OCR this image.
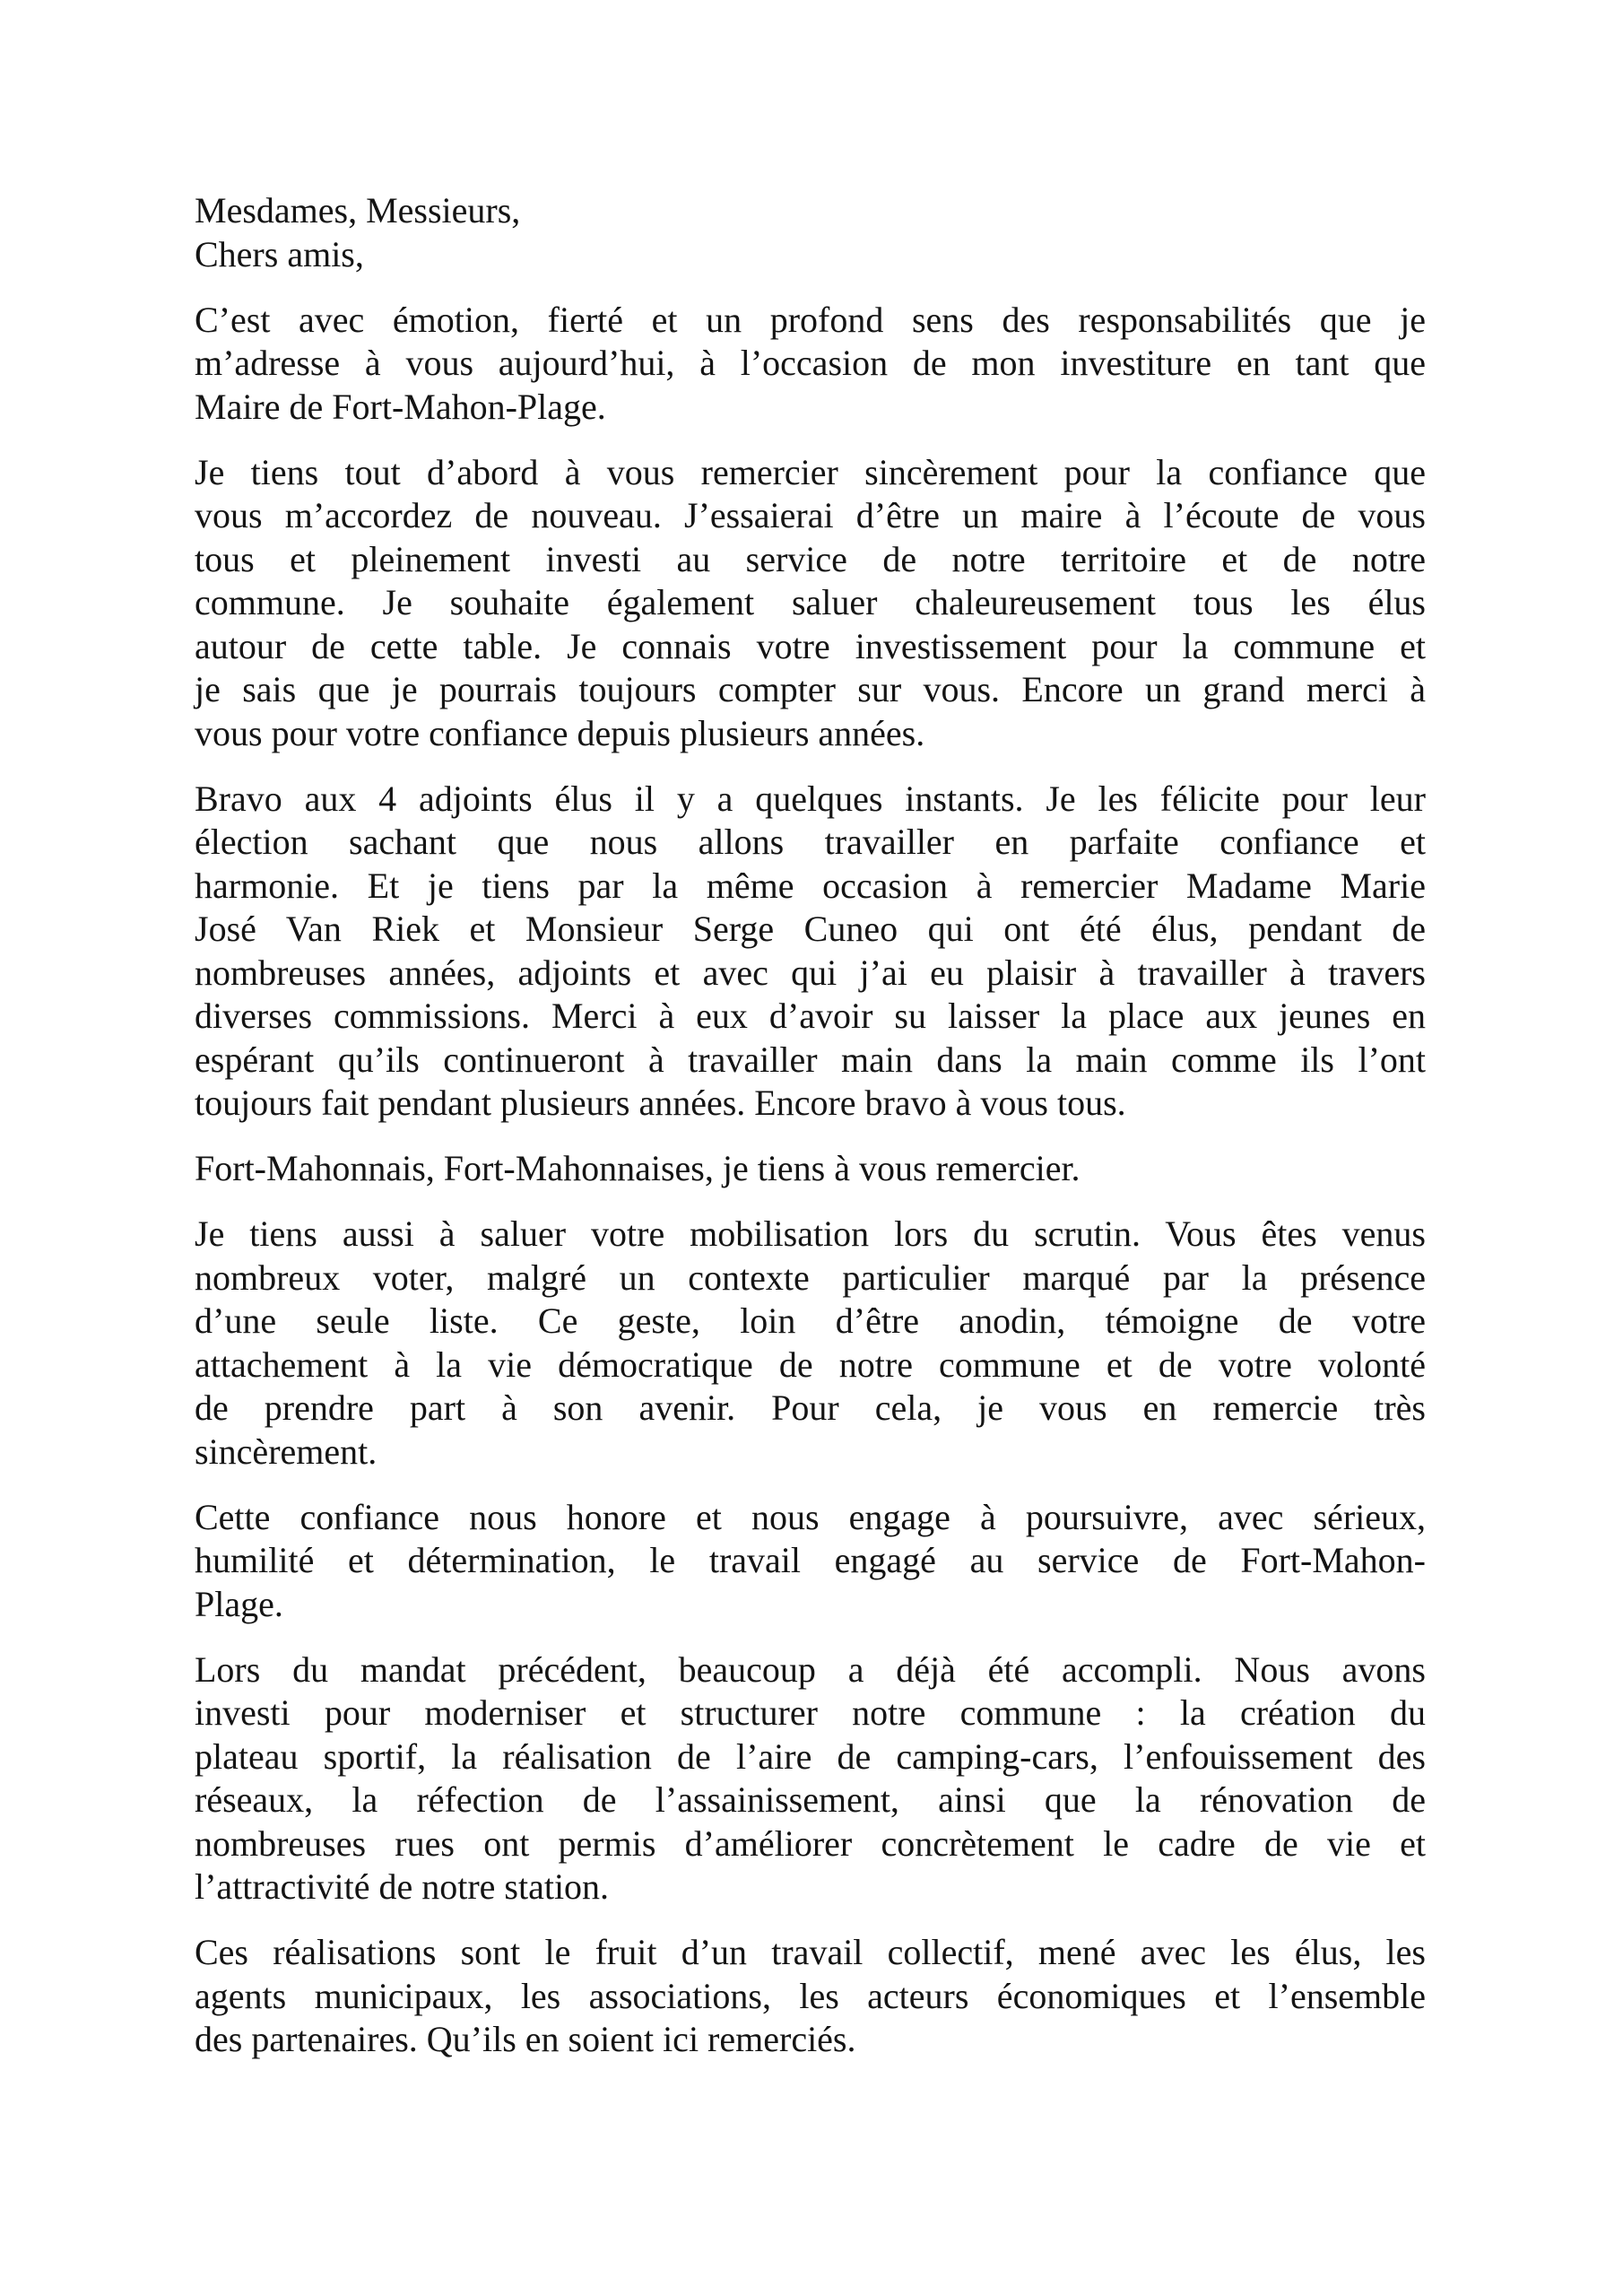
Mesdames, Messieurs,
Chers amis,

C’est avec émotion, fierté et un profond sens des responsabilités que je
m’adresse à vous aujourd’hui, à l’occasion de mon investiture en tant que
Maire de Fort-Mahon-Plage.

Je tiens tout d’abord à vous remercier sincèrement pour la confiance que
vous m’accordez de nouveau. J’essaierai d’être un maire à l’écoute de vous
tous et pleinement investi au service de notre territoire et de notre
commune. Je souhaite également saluer chaleureusement tous les élus
autour de cette table. Je connais votre investissement pour la commune et
je sais que je pourrais toujours compter sur vous. Encore un grand merci à
vous pour votre confiance depuis plusieurs années.

Bravo aux 4 adjoints élus il y a quelques instants. Je les félicite pour leur
élection sachant que nous allons travailler en parfaite confiance et
harmonie. Et je tiens par la même occasion à remercier Madame Marie
José Van Riek et Monsieur Serge Cuneo qui ont été élus, pendant de
nombreuses années, adjoints et avec qui j’ai eu plaisir à travailler à travers
diverses commissions. Merci à eux d’avoir su laisser la place aux jeunes en
espérant qu’ils continueront à travailler main dans la main comme ils l’ont
toujours fait pendant plusieurs années. Encore bravo à vous tous.

Fort-Mahonnais, Fort-Mahonnaises, je tiens à vous remercier.

Je tiens aussi à saluer votre mobilisation lors du scrutin. Vous êtes venus
nombreux voter, malgré un contexte particulier marqué par la présence
d’une seule liste. Ce geste, loin d’être anodin, témoigne de votre
attachement à la vie démocratique de notre commune et de votre volonté
de prendre part à son avenir. Pour cela, je vous en remercie très
sincèrement.

Cette confiance nous honore et nous engage à poursuivre, avec sérieux,
humilité et détermination, le travail engagé au service de Fort-Mahon-
Plage.

Lors du mandat précédent, beaucoup a déjà été accompli. Nous avons
investi pour moderniser et structurer notre commune : la création du
plateau sportif, la réalisation de l’aire de camping-cars, l’enfouissement des
réseaux, la réfection de l’assainissement, ainsi que la rénovation de
nombreuses rues ont permis d’améliorer concrètement le cadre de vie et
l’attractivité de notre station.

Ces réalisations sont le fruit d’un travail collectif, mené avec les élus, les
agents municipaux, les associations, les acteurs économiques et l’ensemble
des partenaires. Qu’ils en soient ici remerciés.
